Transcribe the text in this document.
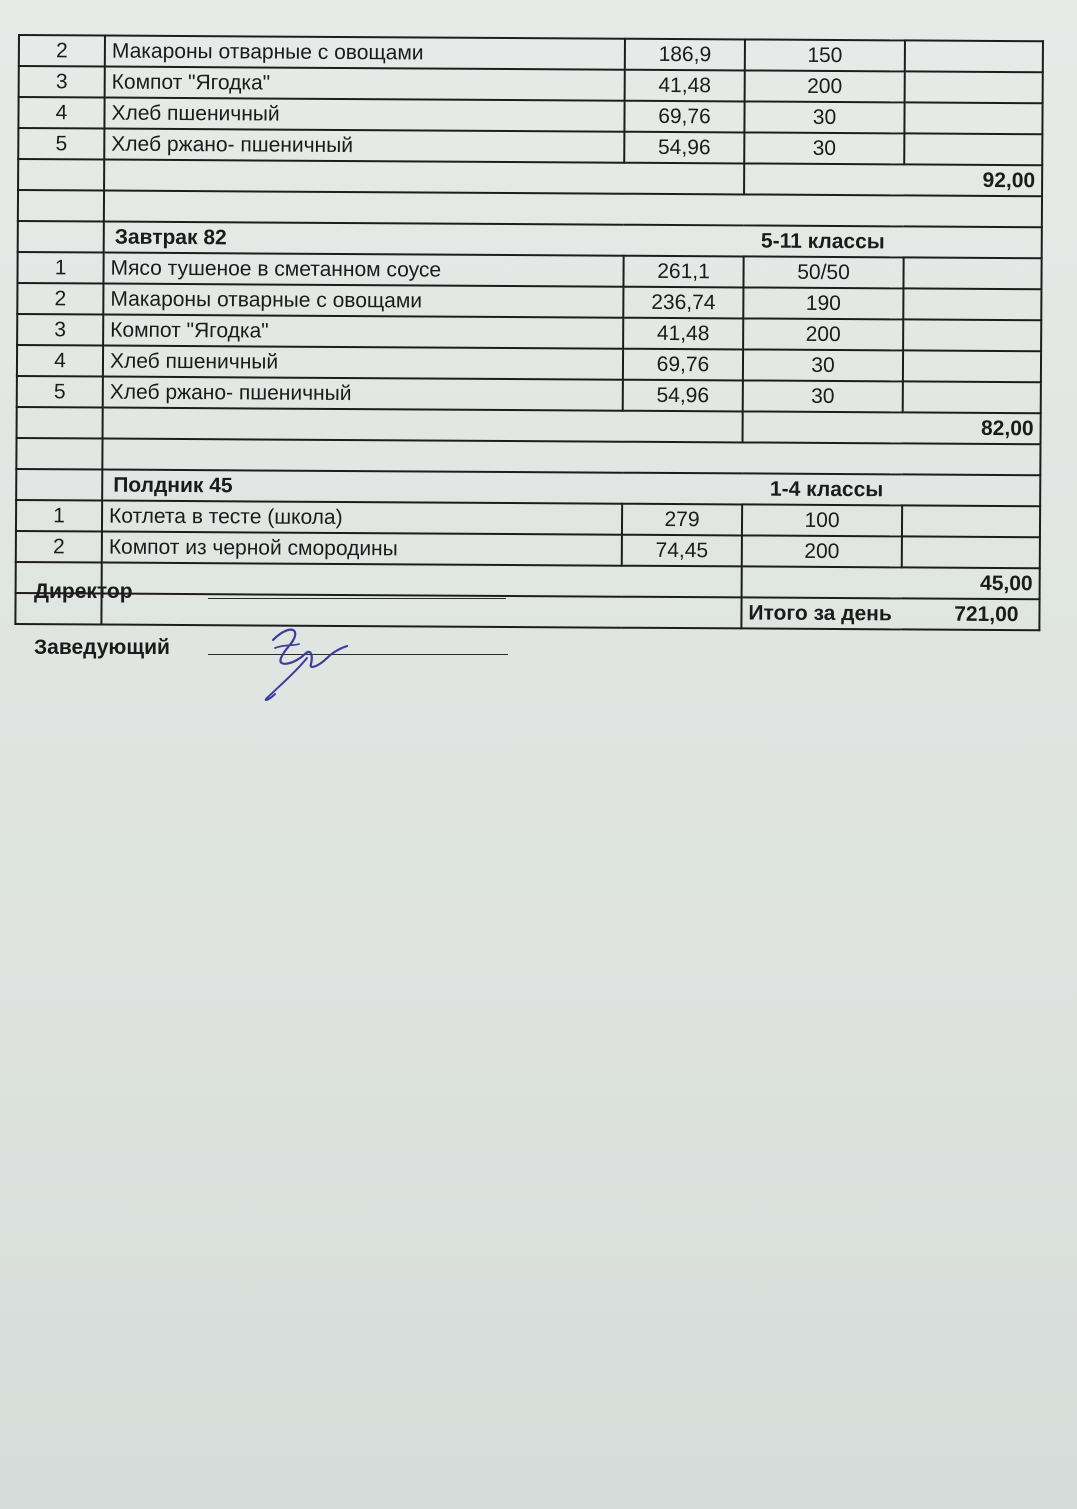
2	Макароны отварные с овощами	186,9	150	
3	Компот "Ягодка"	41,48	200	
4	Хлеб пшеничный	69,76	30	
5	Хлеб ржано- пшеничный	54,96	30	
			92,00	

	Завтрак 82 5-11 классы			

1	Мясо тушеное в сметанном соусе	261,1	50/50	
2	Макароны отварные с овощами	236,74	190	
3	Компот "Ягодка"	41,48	200	
4	Хлеб пшеничный	69,76	30	
5	Хлеб ржано- пшеничный	54,96	30	
			82,00	

	Полдник 45 1-4 классы			

1	Котлета в тесте (школа)	279	100	
2	Компот из черной смородины	74,45	200	
			45,00	

			Итого за день 721,00	
Директор
Заведующий
